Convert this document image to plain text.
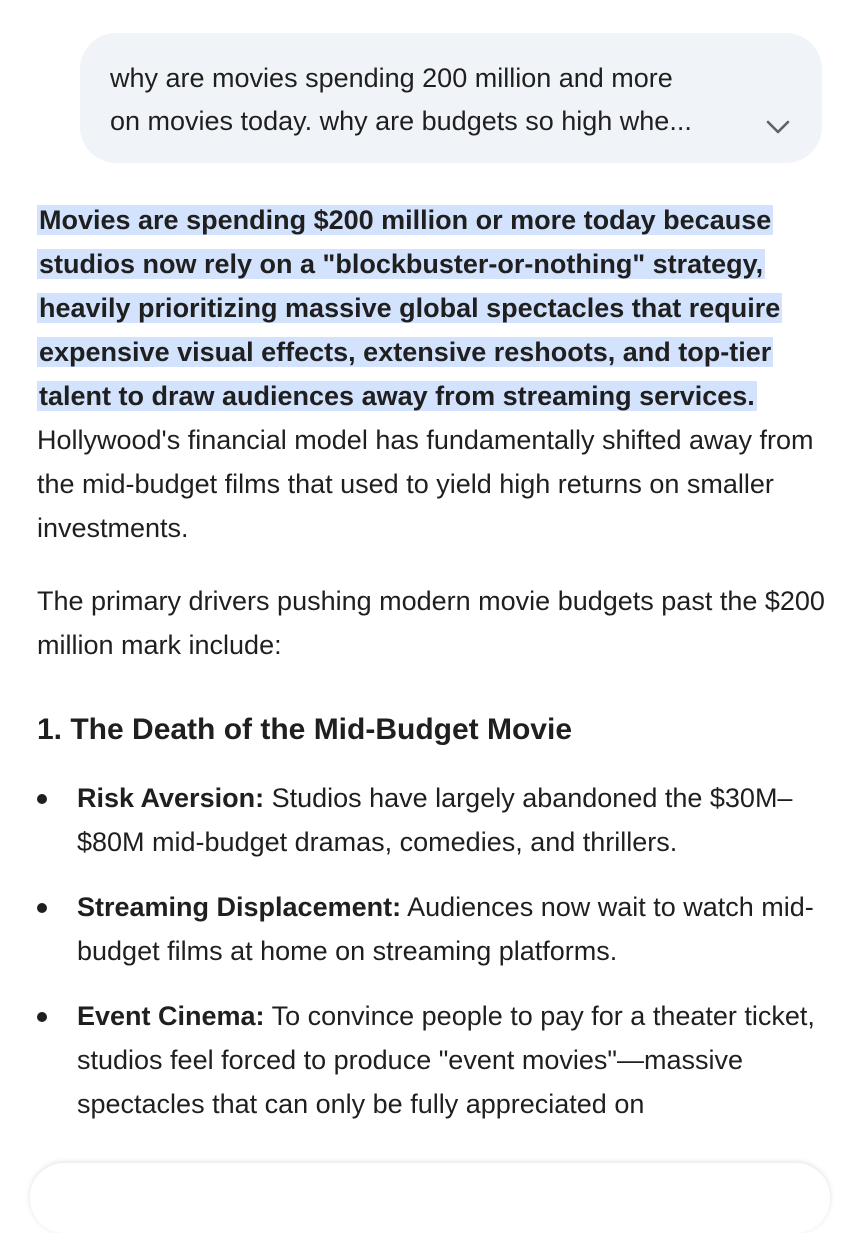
why are movies spending 200 million and more
on movies today. why are budgets so high whe...

Movies are spending $200 million or more today because studios now rely on a "blockbuster-or-nothing" strategy, heavily prioritizing massive global spectacles that require expensive visual effects, extensive reshoots, and top-tier talent to draw audiences away from streaming services. Hollywood's financial model has fundamentally shifted away from the mid-budget films that used to yield high returns on smaller investments.

The primary drivers pushing modern movie budgets past the $200 million mark include:

1. The Death of the Mid-Budget Movie
Risk Aversion: Studios have largely abandoned the $30M–$80M mid-budget dramas, comedies, and thrillers.
Streaming Displacement: Audiences now wait to watch mid-budget films at home on streaming platforms.
Event Cinema: To convince people to pay for a theater ticket, studios feel forced to produce "event movies"—massive spectacles that can only be fully appreciated on
